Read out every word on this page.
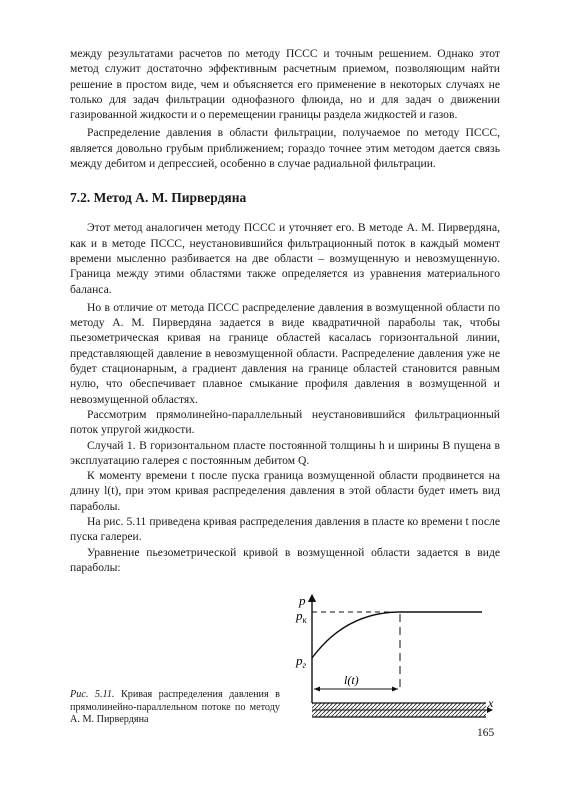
между результатами расчетов по методу ПССС и точным решением. Однако этот метод служит достаточно эффективным расчетным приемом, позволяющим найти решение в простом виде, чем и объясняется его применение в некоторых случаях не только для задач фильтрации однофазного флюида, но и для задач о движении газированной жидкости и о перемещении границы раздела жидкостей и газов.

Распределение давления в области фильтрации, получаемое по методу ПССС, является довольно грубым приближением; гораздо точнее этим методом дается связь между дебитом и депрессией, особенно в случае радиальной фильтрации.

7.2. Метод А. М. Пирвердяна

Этот метод аналогичен методу ПССС и уточняет его. В методе А. М. Пирвердяна, как и в методе ПССС, неустановившийся фильтрационный поток в каждый момент времени мысленно разбивается на две области – возмущенную и невозмущенную. Граница между этими областями также определяется из уравнения материального баланса.

Но в отличие от метода ПССС распределение давления в возмущенной области по методу А. М. Пирвердяна задается в виде квадратичной параболы так, чтобы пьезометрическая кривая на границе областей касалась горизонтальной линии, представляющей давление в невозмущенной области. Распределение давления уже не будет стационарным, а градиент давления на границе областей становится равным нулю, что обеспечивает плавное смыкание профиля давления в возмущенной и невозмущенной областях.

Рассмотрим прямолинейно-параллельный неустановившийся фильтрационный поток упругой жидкости.

Случай 1. В горизонтальном пласте постоянной толщины h и ширины B пущена в эксплуатацию галерея с постоянным дебитом Q.

К моменту времени t после пуска граница возмущенной области продвинется на длину l(t), при этом кривая распределения давления в этой области будет иметь вид параболы.

На рис. 5.11 приведена кривая распределения давления в пласте ко времени t после пуска галереи.

Уравнение пьезометрической кривой в возмущенной области задается в виде параболы:

p
$p_к$
$p_г$
l(t)
x
Рис. 5.11. Кривая распределения давления в прямолинейно-параллельном потоке по методу А. М. Пирвердяна
165
